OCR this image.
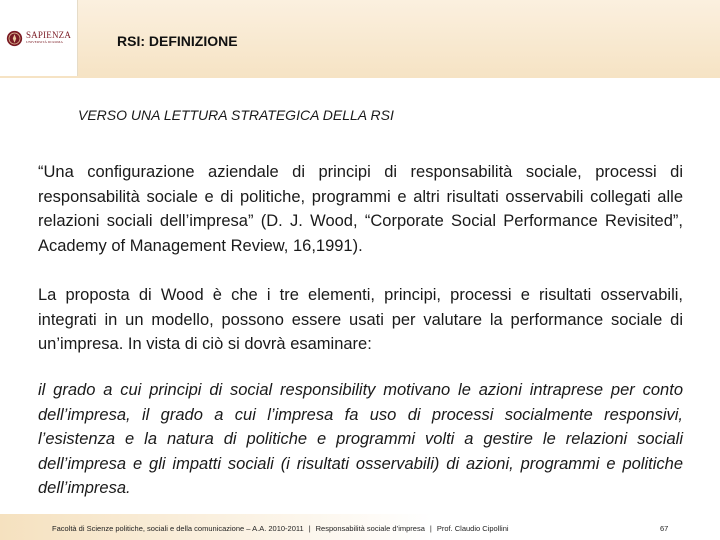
SAPIENZA
UNIVERSITÀ DI ROMA	RSI: DEFINIZIONE
VERSO UNA LETTURA STRATEGICA DELLA RSI

“Una configurazione aziendale di principi di responsabilità sociale, processi di responsabilità sociale e di politiche, programmi e altri risultati osservabili collegati alle relazioni sociali dell’impresa” (D. J. Wood, “Corporate Social Performance Revisited”, Academy of Management Review, 16,1991).

La proposta di Wood è che i tre elementi, principi, processi e risultati osservabili, integrati in un modello, possono essere usati per valutare la performance sociale di un’impresa. In vista di ciò si dovrà esaminare:

il grado a cui principi di social responsibility motivano le azioni intraprese per conto dell’impresa, il grado a cui l’impresa fa uso di processi socialmente responsivi, l’esistenza e la natura di politiche e programmi volti a gestire le relazioni sociali dell’impresa e gli impatti sociali (i risultati osservabili) di azioni, programmi e politiche dell’impresa.

Facoltà di Scienze politiche, sociali e della comunicazione – A.A. 2010-2011 | Responsabilità sociale d’impresa | Prof. Claudio Cipollini	67
